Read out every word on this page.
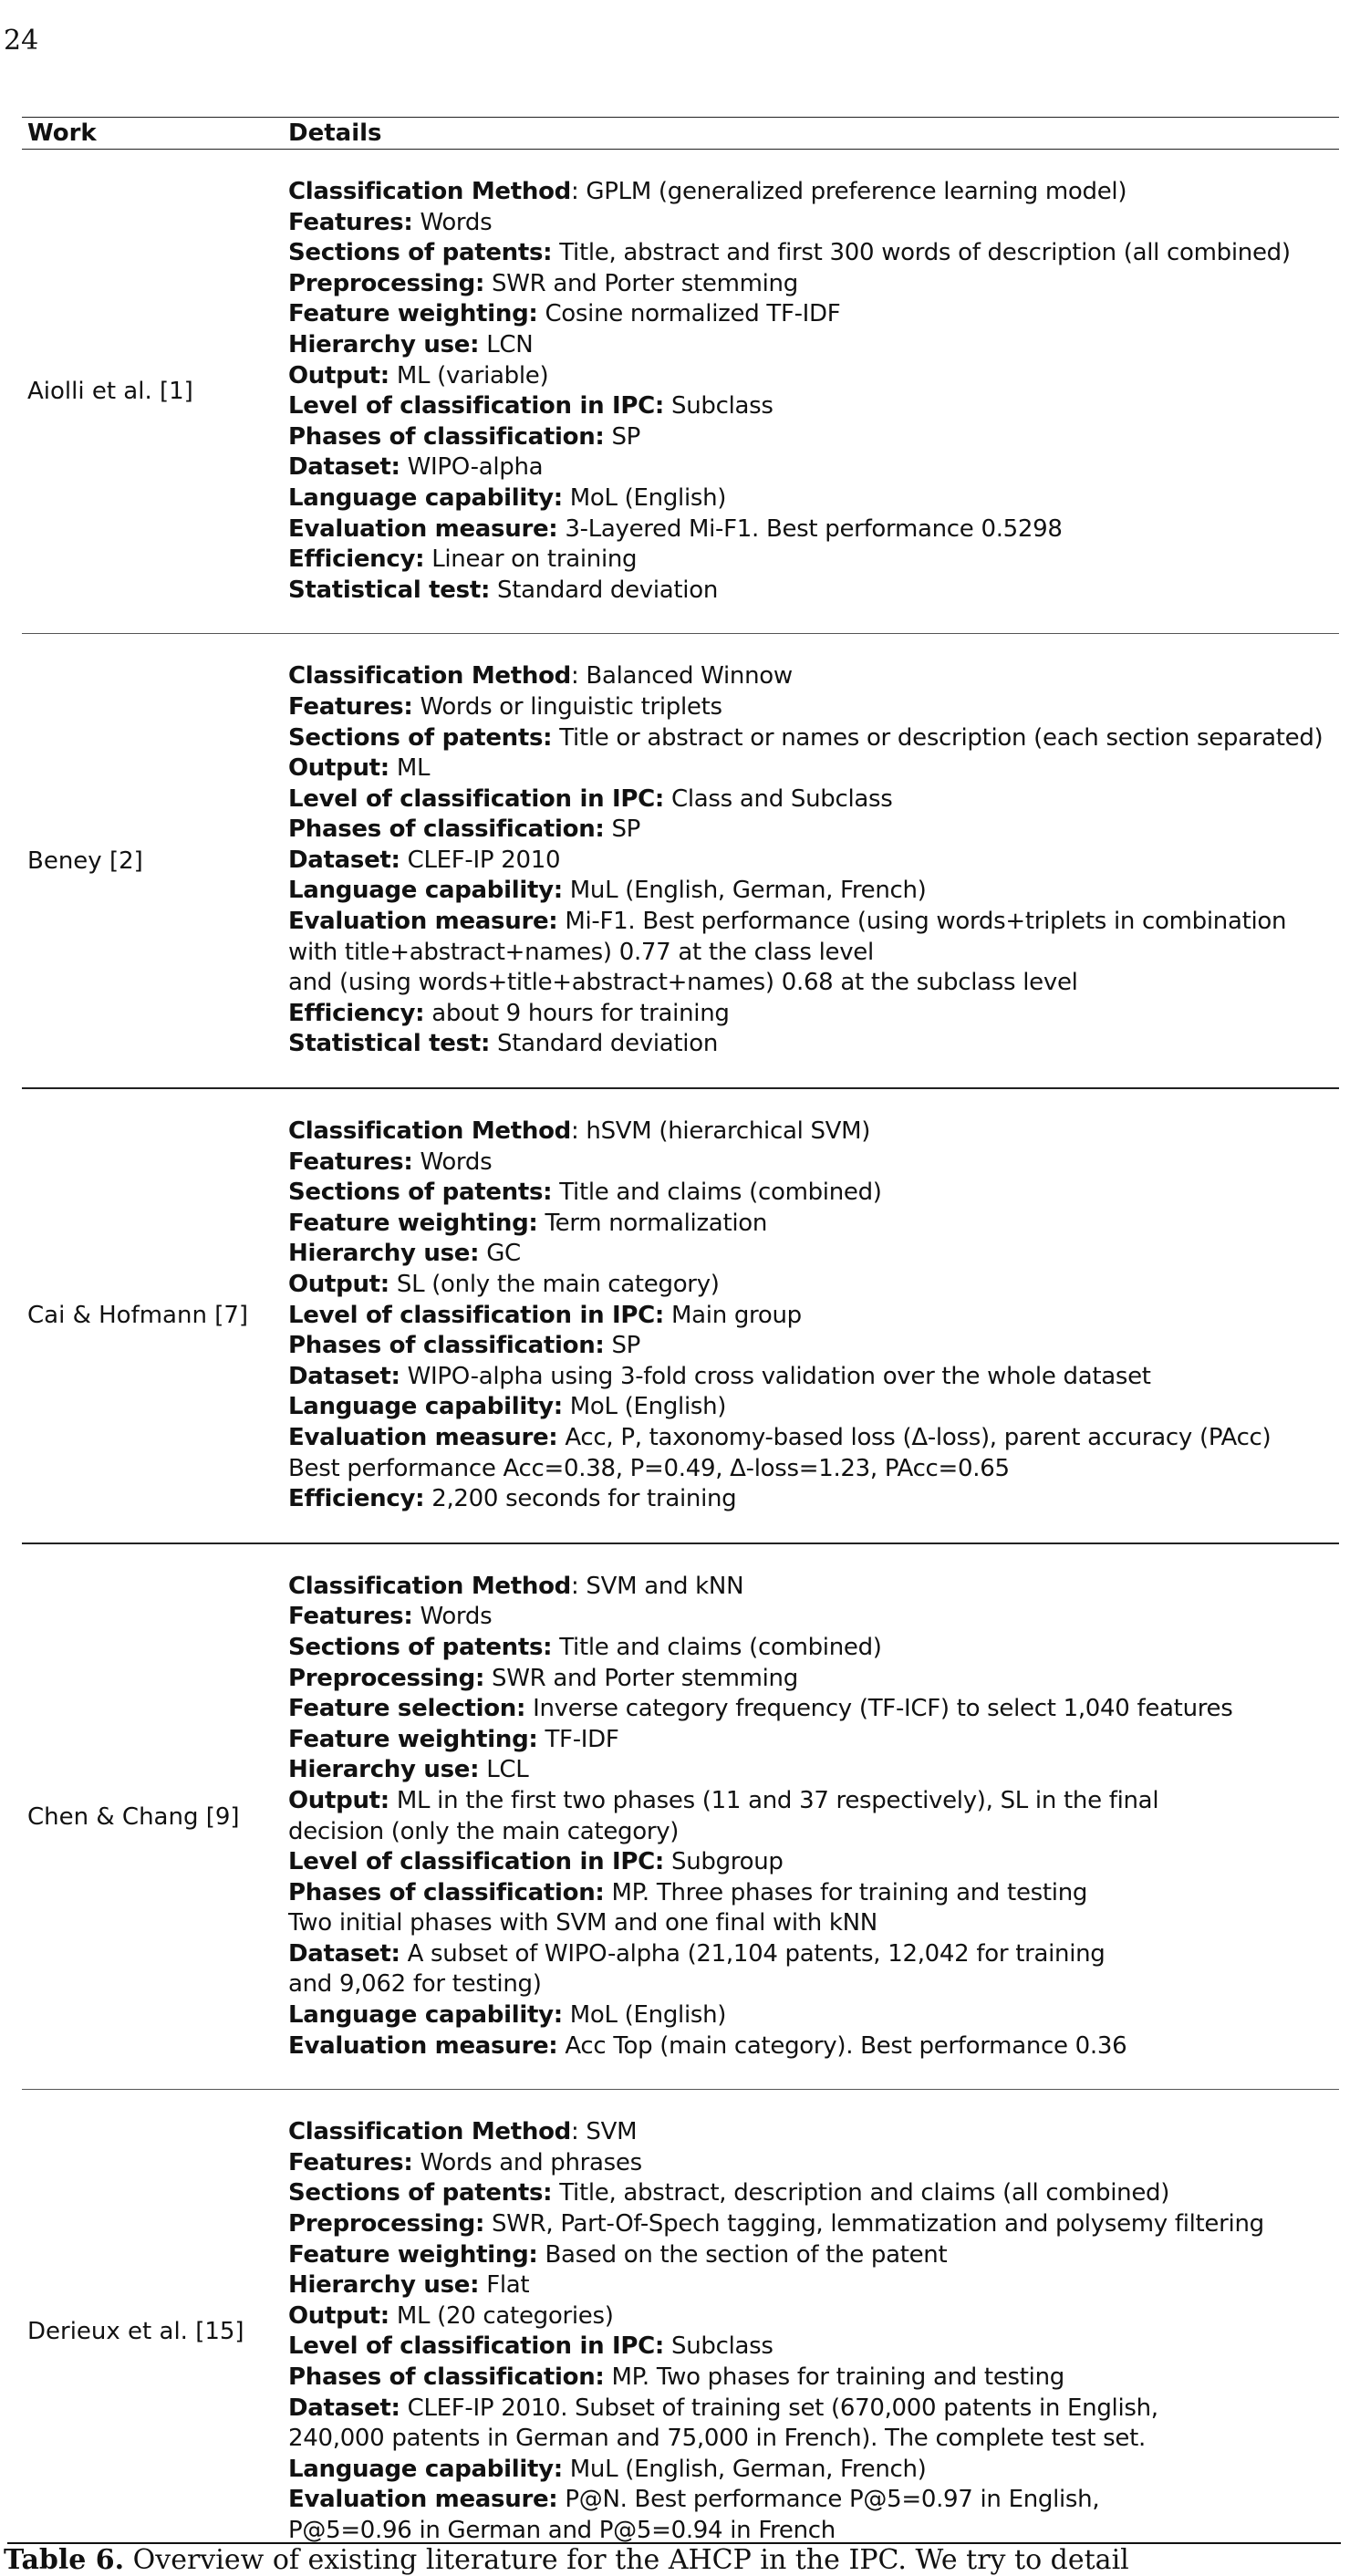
24
Work	Details
Aiolli et al. [1]
Classification Method: GPLM (generalized preference learning model)
Features: Words
Sections of patents: Title, abstract and first 300 words of description (all combined)
Preprocessing: SWR and Porter stemming
Feature weighting: Cosine normalized TF-IDF
Hierarchy use: LCN
Output: ML (variable)
Level of classification in IPC: Subclass
Phases of classification: SP
Dataset: WIPO-alpha
Language capability: MoL (English)
Evaluation measure: 3-Layered Mi-F1. Best performance 0.5298
Efficiency: Linear on training
Statistical test: Standard deviation
Beney [2]
Classification Method: Balanced Winnow
Features: Words or linguistic triplets
Sections of patents: Title or abstract or names or description (each section separated)
Output: ML
Level of classification in IPC: Class and Subclass
Phases of classification: SP
Dataset: CLEF-IP 2010
Language capability: MuL (English, German, French)
Evaluation measure: Mi-F1. Best performance (using words+triplets in combination
with title+abstract+names) 0.77 at the class level
and (using words+title+abstract+names) 0.68 at the subclass level
Efficiency: about 9 hours for training
Statistical test: Standard deviation
Cai & Hofmann [7]
Classification Method: hSVM (hierarchical SVM)
Features: Words
Sections of patents: Title and claims (combined)
Feature weighting: Term normalization
Hierarchy use: GC
Output: SL (only the main category)
Level of classification in IPC: Main group
Phases of classification: SP
Dataset: WIPO-alpha using 3-fold cross validation over the whole dataset
Language capability: MoL (English)
Evaluation measure: Acc, P, taxonomy-based loss (Δ-loss), parent accuracy (PAcc)
Best performance Acc=0.38, P=0.49, Δ-loss=1.23, PAcc=0.65
Efficiency: 2,200 seconds for training
Chen & Chang [9]
Classification Method: SVM and kNN
Features: Words
Sections of patents: Title and claims (combined)
Preprocessing: SWR and Porter stemming
Feature selection: Inverse category frequency (TF-ICF) to select 1,040 features
Feature weighting: TF-IDF
Hierarchy use: LCL
Output: ML in the first two phases (11 and 37 respectively), SL in the final
decision (only the main category)
Level of classification in IPC: Subgroup
Phases of classification: MP. Three phases for training and testing
Two initial phases with SVM and one final with kNN
Dataset: A subset of WIPO-alpha (21,104 patents, 12,042 for training
and 9,062 for testing)
Language capability: MoL (English)
Evaluation measure: Acc Top (main category). Best performance 0.36
Derieux et al. [15]
Classification Method: SVM
Features: Words and phrases
Sections of patents: Title, abstract, description and claims (all combined)
Preprocessing: SWR, Part-Of-Spech tagging, lemmatization and polysemy filtering
Feature weighting: Based on the section of the patent
Hierarchy use: Flat
Output: ML (20 categories)
Level of classification in IPC: Subclass
Phases of classification: MP. Two phases for training and testing
Dataset: CLEF-IP 2010. Subset of training set (670,000 patents in English,
240,000 patents in German and 75,000 in French). The complete test set.
Language capability: MuL (English, German, French)
Evaluation measure: P@N. Best performance P@5=0.97 in English,
P@5=0.96 in German and P@5=0.94 in French
Table 6. Overview of existing literature for the AHCP in the IPC. We try to detail
